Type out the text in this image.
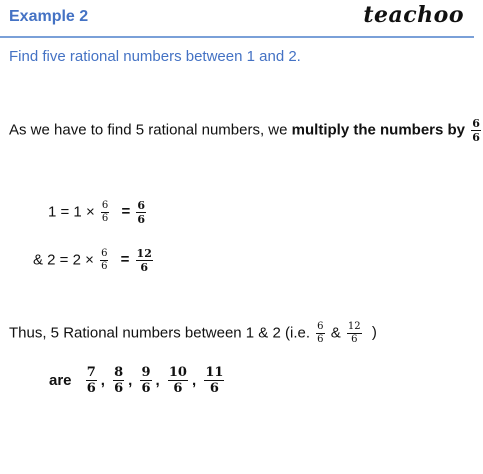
Example 2	teachoo
Find five rational numbers between 1 and 2.
As we have to find 5 rational numbers, we multiply the numbers by $\frac{6}{6}$
$1 = 1 \times \frac{6}{6} = \frac{6}{6}$
& $2 = 2 \times \frac{6}{6} = \frac{12}{6}$
Thus, 5 Rational numbers between 1 & 2 (i.e. $\frac{6}{6}$ & $\frac{12}{6}$ )
are $\frac{7}{6}$ , $\frac{8}{6}$ , $\frac{9}{6}$ , $\frac{10}{6}$ , $\frac{11}{6}$
